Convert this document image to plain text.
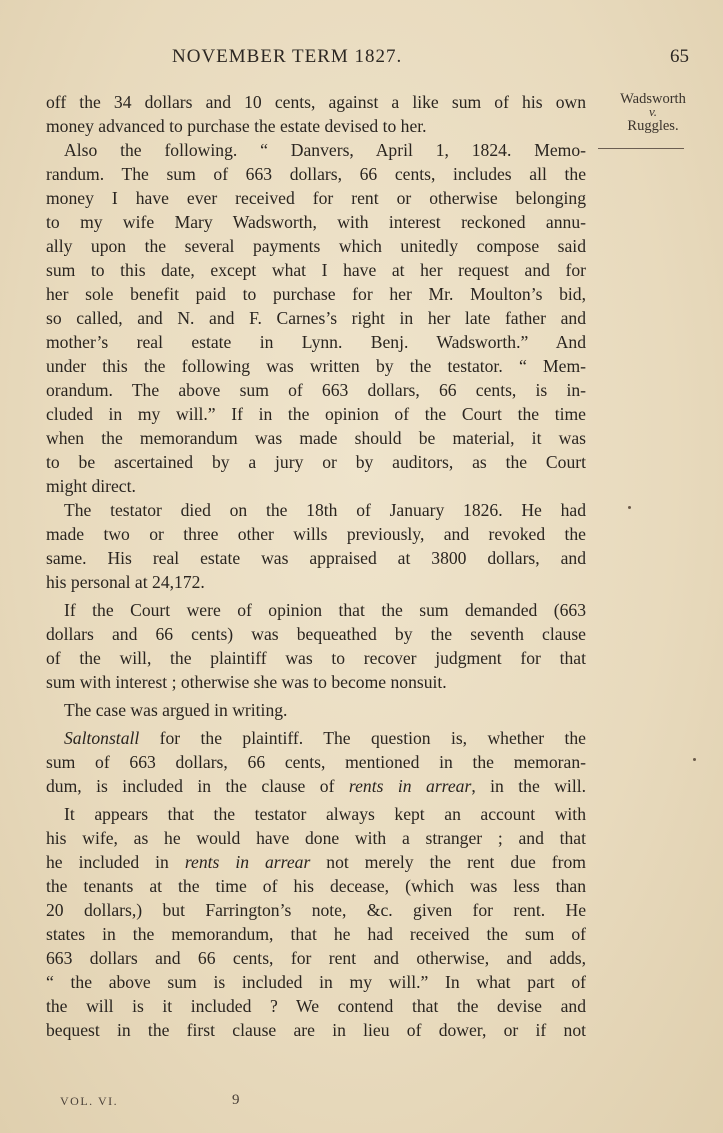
NOVEMBER TERM 1827.	65
Wadsworth

v.
Ruggles.
off the 34 dollars and 10 cents, against a like sum of his own
money advanced to purchase the estate devised to her.
Also the following. “ Danvers, April 1, 1824. Memo-
randum. The sum of 663 dollars, 66 cents, includes all the
money I have ever received for rent or otherwise belonging
to my wife Mary Wadsworth, with interest reckoned annu-
ally upon the several payments which unitedly compose said
sum to this date, except what I have at her request and for
her sole benefit paid to purchase for her Mr. Moulton’s bid,
so called, and N. and F. Carnes’s right in her late father and
mother’s real estate in Lynn. Benj. Wadsworth.” And
under this the following was written by the testator. “ Mem-
orandum. The above sum of 663 dollars, 66 cents, is in-
cluded in my will.” If in the opinion of the Court the time
when the memorandum was made should be material, it was
to be ascertained by a jury or by auditors, as the Court
might direct.
The testator died on the 18th of January 1826. He had
made two or three other wills previously, and revoked the
same. His real estate was appraised at 3800 dollars, and
his personal at 24,172.
If the Court were of opinion that the sum demanded (663
dollars and 66 cents) was bequeathed by the seventh clause
of the will, the plaintiff was to recover judgment for that
sum with interest ; otherwise she was to become nonsuit.
The case was argued in writing.
Saltonstall for the plaintiff. The question is, whether the
sum of 663 dollars, 66 cents, mentioned in the memoran-
dum, is included in the clause of rents in arrear, in the will.
It appears that the testator always kept an account with
his wife, as he would have done with a stranger ; and that
he included in rents in arrear not merely the rent due from
the tenants at the time of his decease, (which was less than
20 dollars,) but Farrington’s note, &c. given for rent. He
states in the memorandum, that he had received the sum of
663 dollars and 66 cents, for rent and otherwise, and adds,
“ the above sum is included in my will.” In what part of
the will is it included ? We contend that the devise and
bequest in the first clause are in lieu of dower, or if not
VOL. VI.	9
